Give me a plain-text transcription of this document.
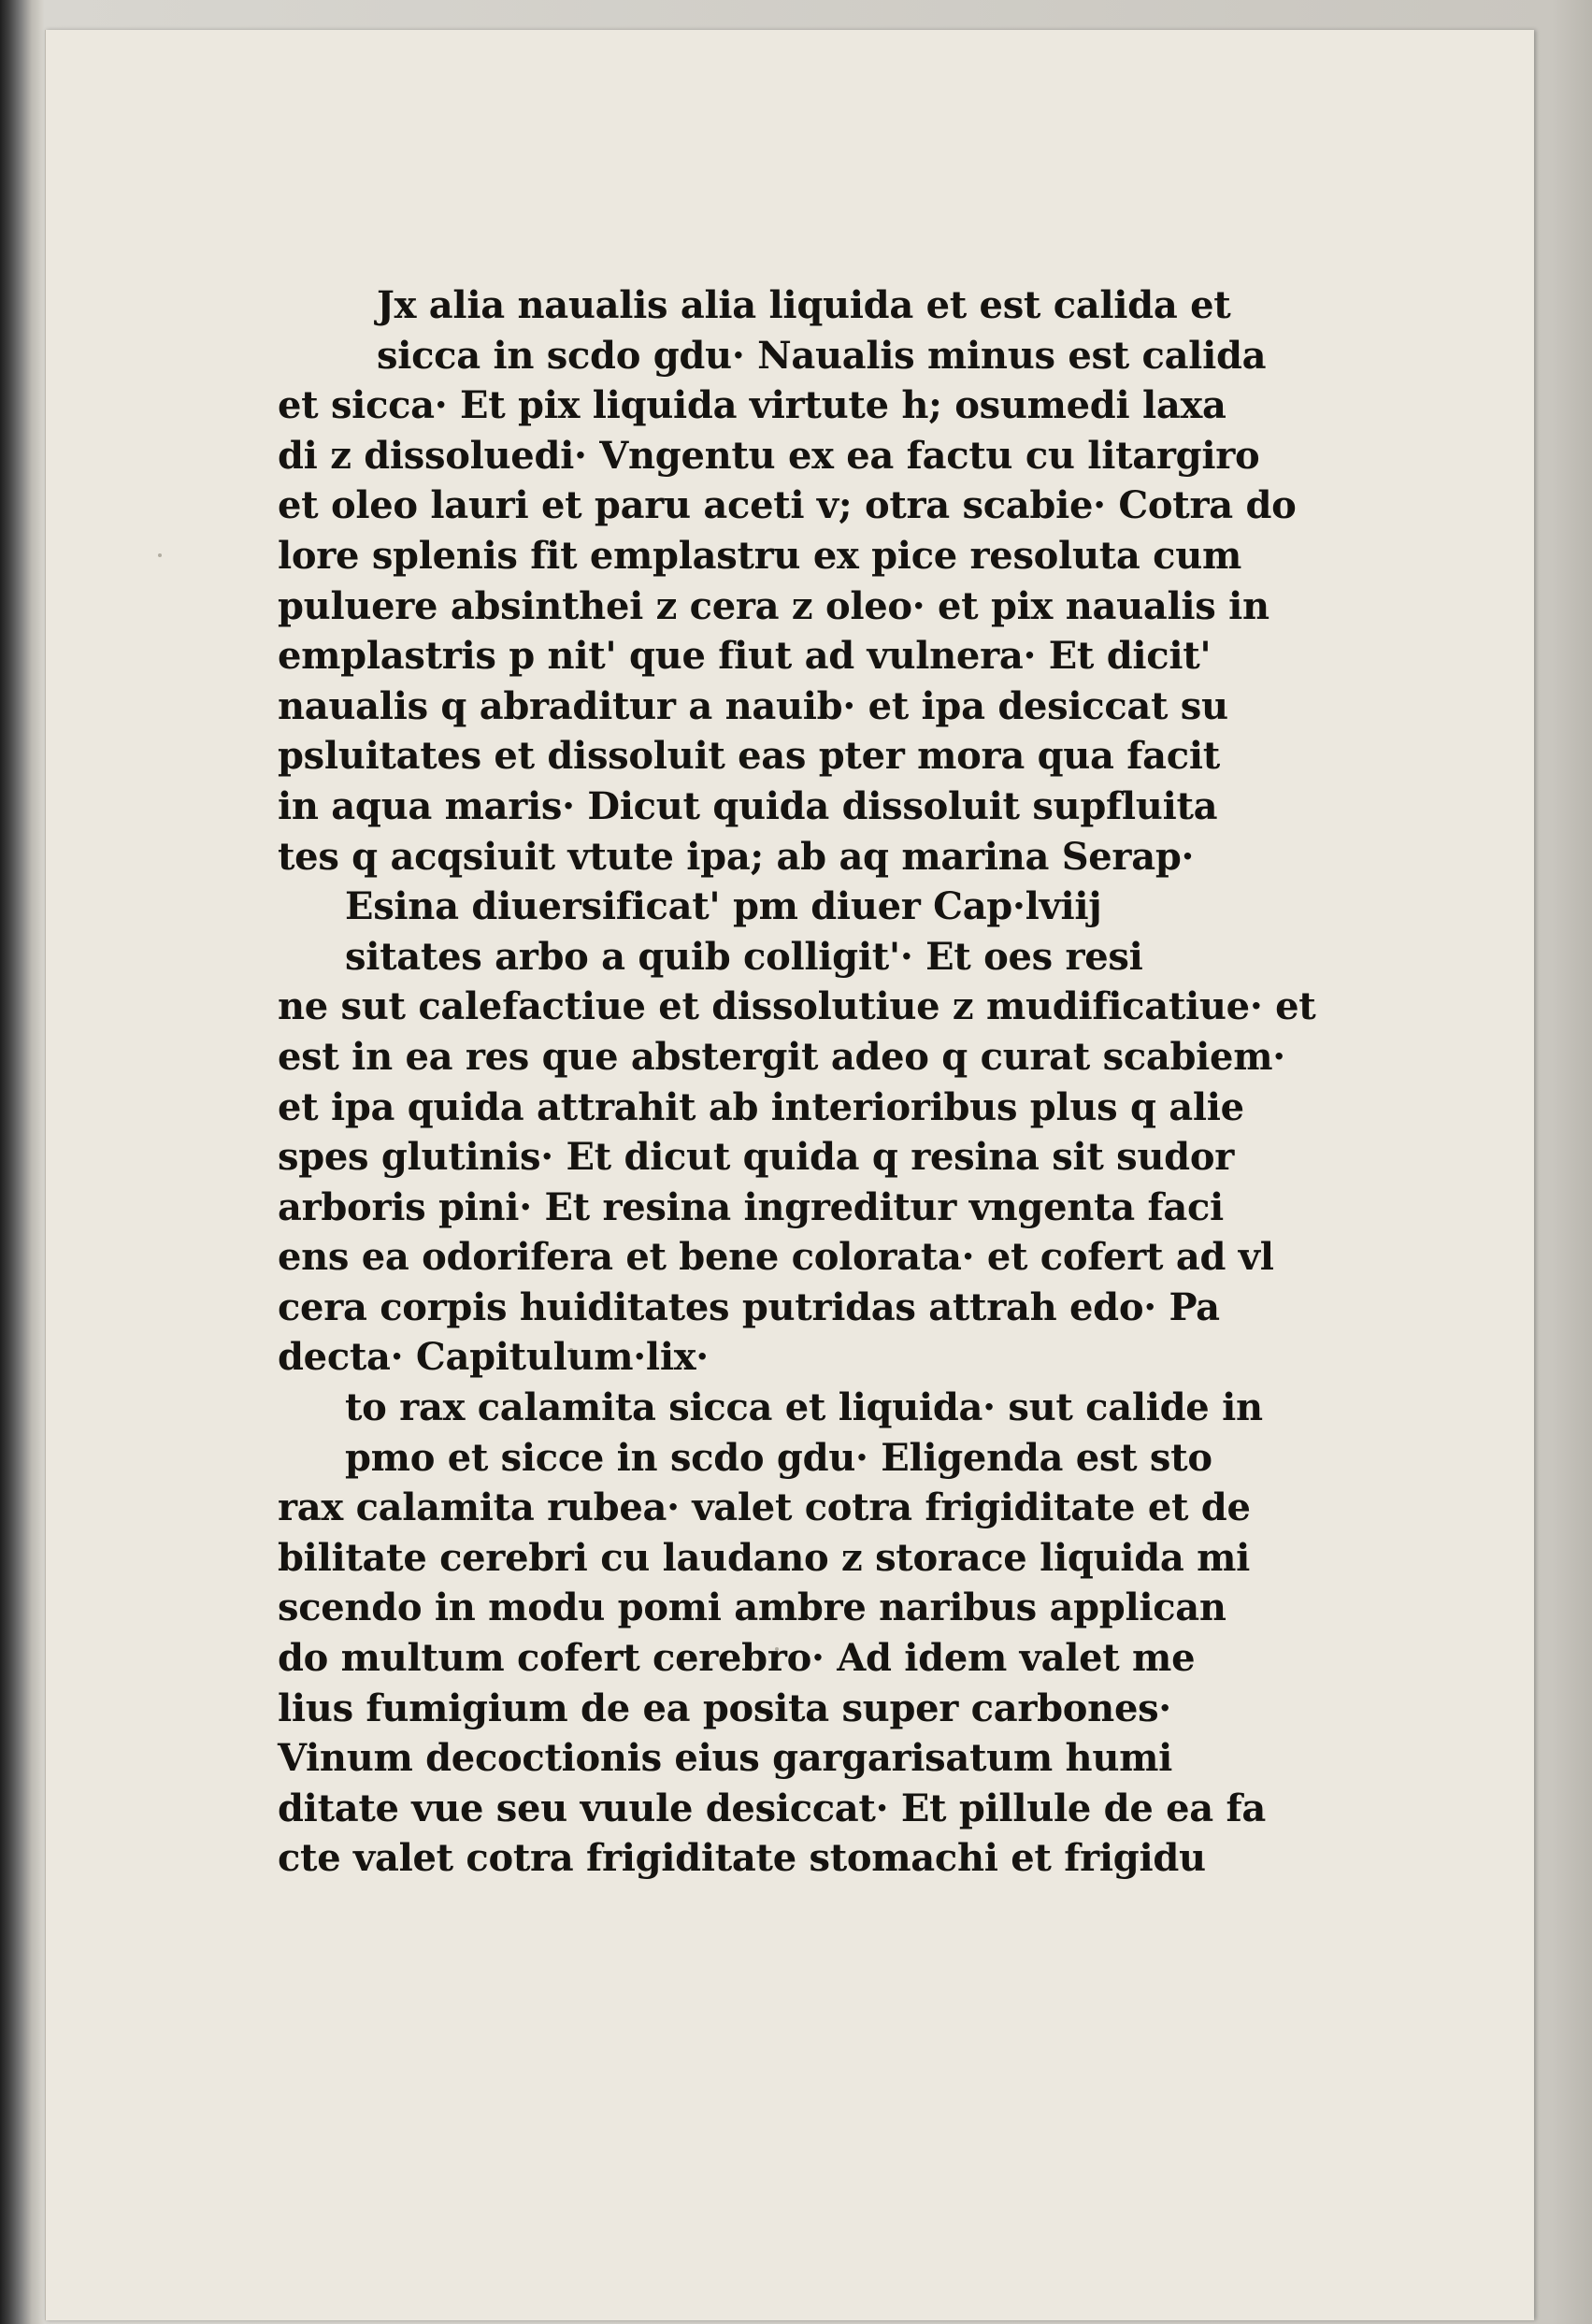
Jx alia naualis alia liquida et est calida et
sicca in scdo gdu· Naualis minus est calida
et sicca· Et pix liquida virtute h; osumedi laxa
di z dissoluedi· Vngentu ex ea factu cu litargiro
et oleo lauri et paru aceti v; otra scabie· Cotra do
lore splenis fit emplastru ex pice resoluta cum
puluere absinthei z cera z oleo· et pix naualis in
emplastris p nit' que fiut ad vulnera· Et dicit'
naualis q abraditur a nauib· et ipa desiccat su
psluitates et dissoluit eas pter mora qua facit
in aqua maris· Dicut quida dissoluit supfluita
tes q acqsiuit vtute ipa; ab aq marina Serap·
Esina diuersificat' pm diuer Cap·lviij
sitates arbo a quib colligit'· Et oes resi
ne sut calefactiue et dissolutiue z mudificatiue· et
est in ea res que abstergit adeo q curat scabiem·
et ipa quida attrahit ab interioribus plus q alie
spes glutinis· Et dicut quida q resina sit sudor
arboris pini· Et resina ingreditur vngenta faci
ens ea odorifera et bene colorata· et cofert ad vl
cera corpis huiditates putridas attrah edo· Pa
decta· Capitulum·lix·
to rax calamita sicca et liquida· sut calide in
pmo et sicce in scdo gdu· Eligenda est sto
rax calamita rubea· valet cotra frigiditate et de
bilitate cerebri cu laudano z storace liquida mi
scendo in modu pomi ambre naribus applican
do multum cofert cerebro· Ad idem valet me
lius fumigium de ea posita super carbones·
Vinum decoctionis eius gargarisatum humi
ditate vue seu vuule desiccat· Et pillule de ea fa
cte valet cotra frigiditate stomachi et frigidu
